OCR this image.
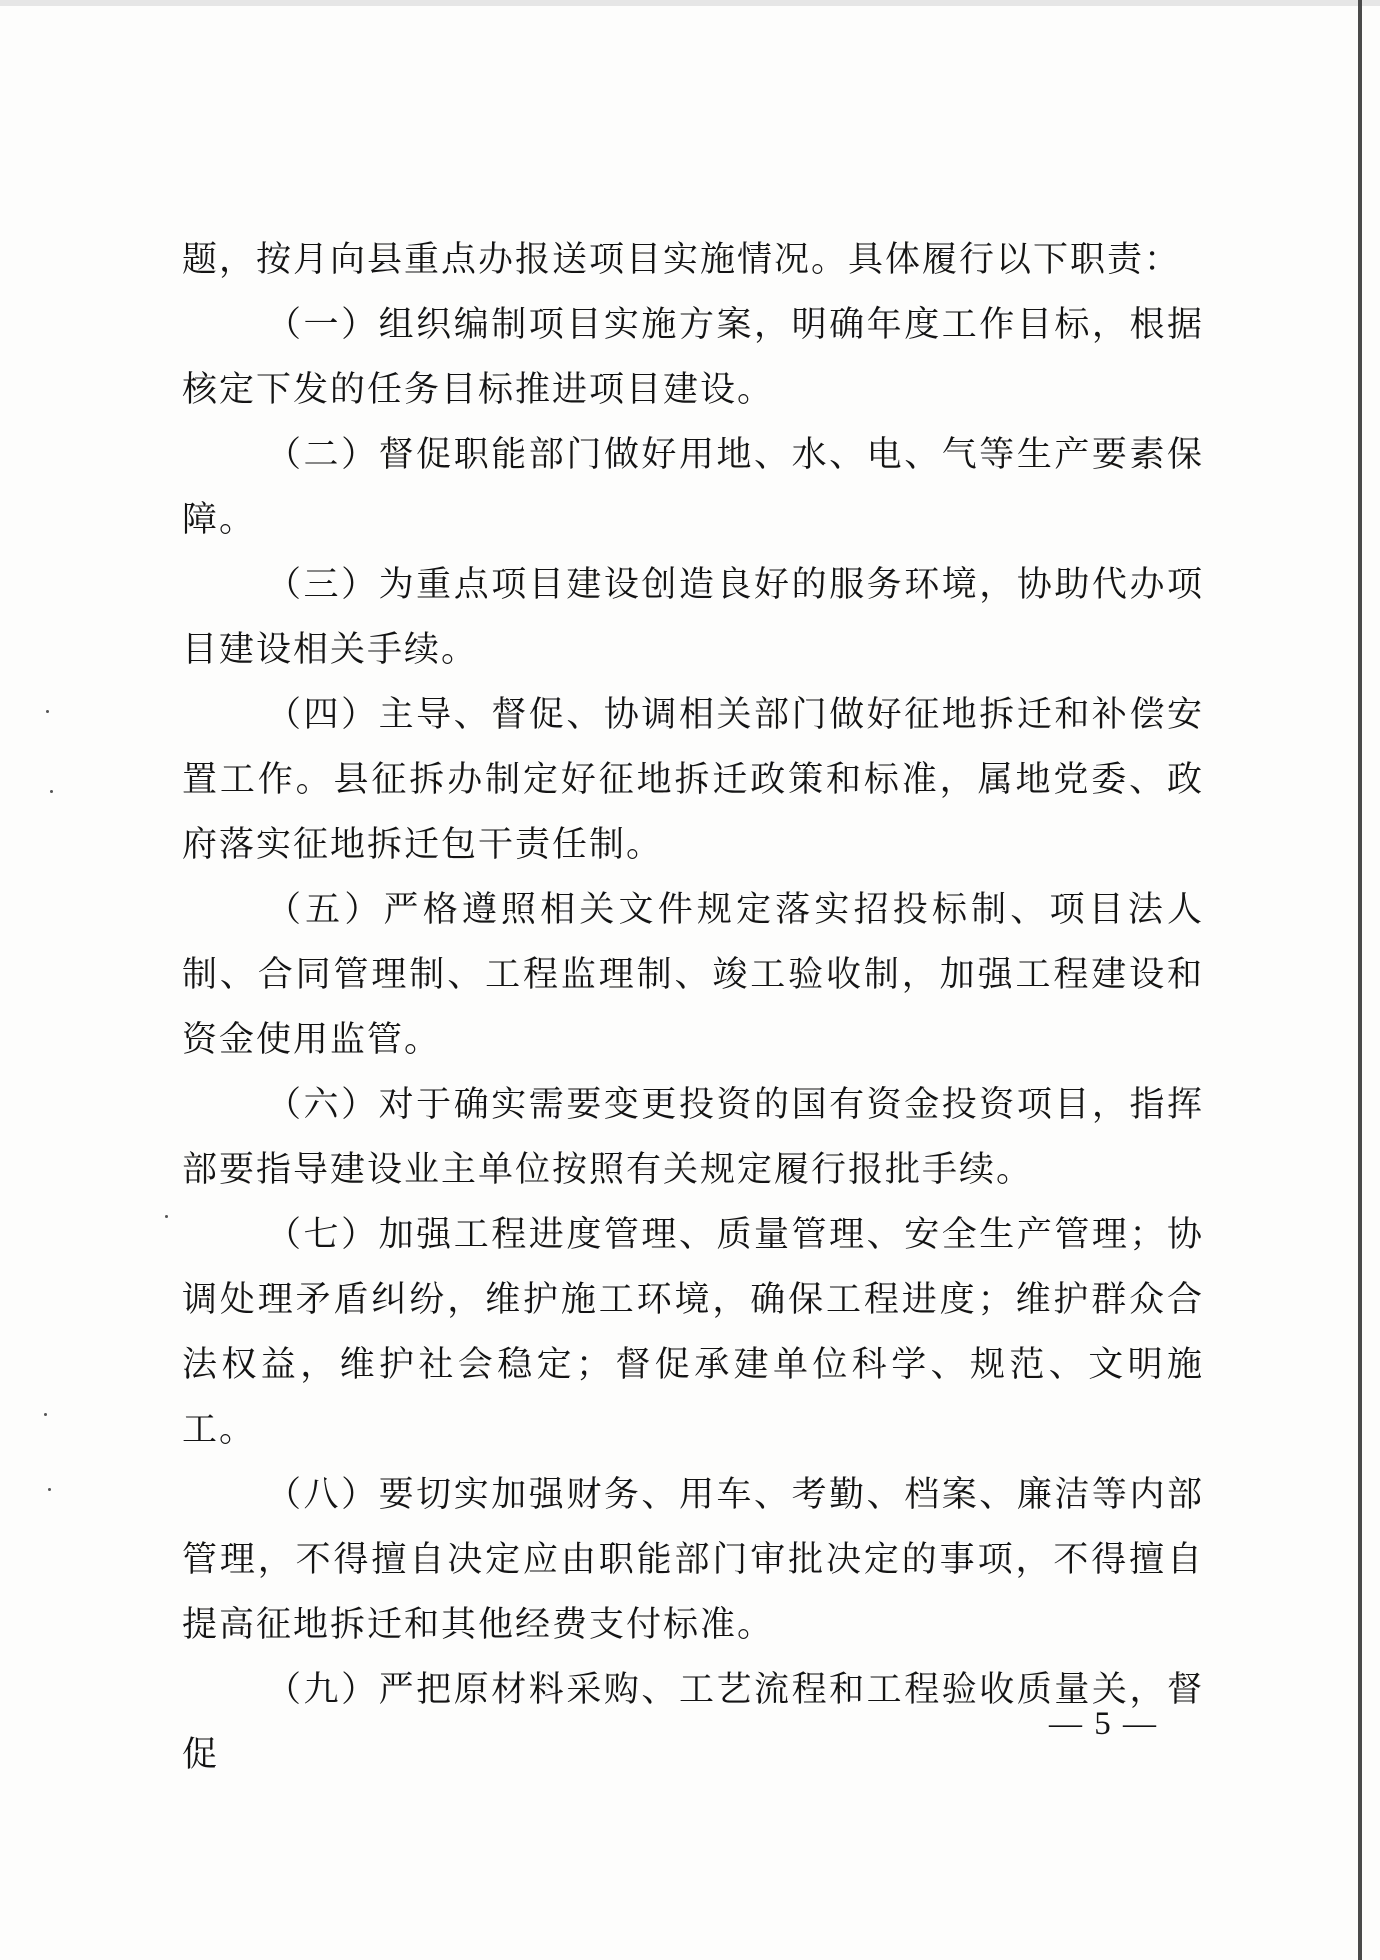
题，按月向县重点办报送项目实施情况。具体履行以下职责：

（一）组织编制项目实施方案，明确年度工作目标，根据核定下发的任务目标推进项目建设。

（二）督促职能部门做好用地、水、电、气等生产要素保障。

（三）为重点项目建设创造良好的服务环境，协助代办项目建设相关手续。

（四）主导、督促、协调相关部门做好征地拆迁和补偿安置工作。县征拆办制定好征地拆迁政策和标准，属地党委、政府落实征地拆迁包干责任制。

（五）严格遵照相关文件规定落实招投标制、项目法人制、合同管理制、工程监理制、竣工验收制，加强工程建设和资金使用监管。

（六）对于确实需要变更投资的国有资金投资项目，指挥部要指导建设业主单位按照有关规定履行报批手续。

（七）加强工程进度管理、质量管理、安全生产管理；协调处理矛盾纠纷，维护施工环境，确保工程进度；维护群众合法权益，维护社会稳定；督促承建单位科学、规范、文明施工。

（八）要切实加强财务、用车、考勤、档案、廉洁等内部管理，不得擅自决定应由职能部门审批决定的事项，不得擅自提高征地拆迁和其他经费支付标准。

（九）严把原材料采购、工艺流程和工程验收质量关，督促

— 5 —
